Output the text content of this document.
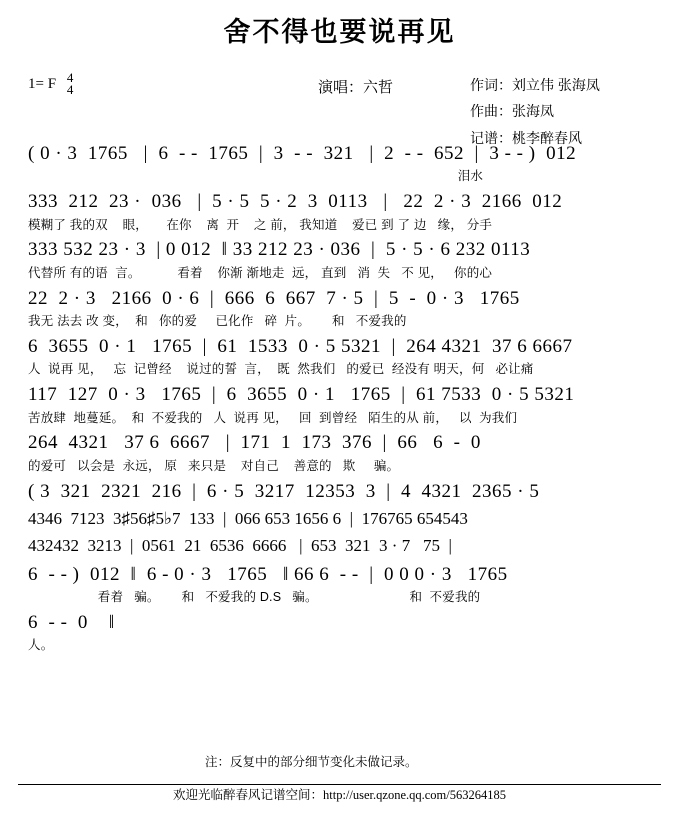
舍不得也要说再见
1= F 4
4	演唱：六哲	作词：刘立伟 张海凤
作曲：张海凤
记谱：桃李醉春风
( 0 · 3  1765   |  6  - -  1765  |  3  - -  321   |  2  - -  652  |  3 - - )  012
泪水
333  212  23 ·  036   |  5 · 5  5 · 2  3  0113   |   22  2 · 3  2166  012
模糊了 我的双    眼，     在你    离  开    之 前， 我知道    爱已 到 了 边   缘， 分手
333 532 23 · 3  | 0 012  ‖ 33 212 23 · 036  |  5 · 5 · 6 232 0113
代替所 有的语  言。          看着    你渐 渐地走  远， 直到   消  失   不 见，   你的心
22  2 · 3   2166  0 · 6  |  666  6  667  7 · 5  |  5  -  0 · 3   1765
我无 法去 改 变，  和   你的爱     已化作   碎  片。      和   不爱我的
6  3655  0 · 1   1765  |  61  1533  0 · 5 5321  |  264 4321  37 6 6667
人  说再 见，   忘  记曾经    说过的誓  言，  既  然我们   的爱已  经没有 明天，何   必让痛
117  127  0 · 3   1765  |  6  3655  0 · 1   1765  |  61 7533  0 · 5 5321
苦放肆  地蔓延。  和  不爱我的   人  说再 见，   回  到曾经   陌生的从 前，   以  为我们
264  4321   37 6  6667   |  171  1  173  376  |  66   6  -  0
的爱可   以会是  永远， 原   来只是    对自己    善意的   欺     骗。
( 3  321  2321  216  |  6 · 5  3217  12353  3  |  4  4321  2365 · 5
4346  7123  3♯56♯5♭7  133  |  066 653 1656 6  |  176765 654543
432432  3213  |  0561  21  6536  6666   |  653  321  3 · 7   75  |
6  - - )  012  ‖  6 - 0 · 3   1765   ‖ 66 6  - -  |  0 0 0 · 3   1765
看着   骗。      和   不爱我的 D.S   骗。                         和  不爱我的
6  - -  0    ‖
人。
注：反复中的部分细节变化未做记录。
欢迎光临醉春风记谱空间：http://user.qzone.qq.com/563264185
